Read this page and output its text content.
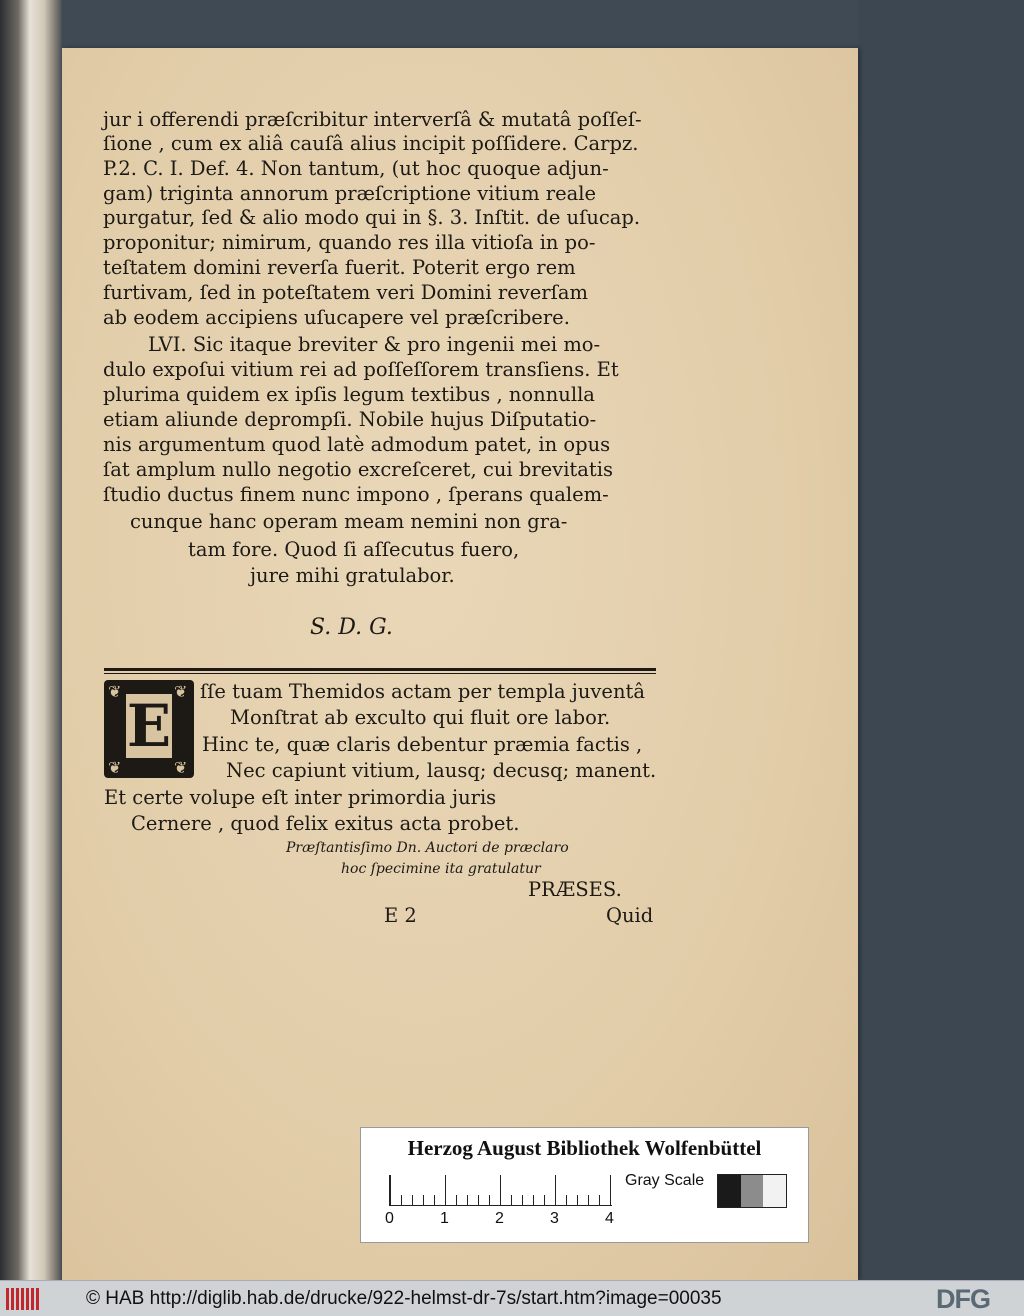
jur i offerendi præſcribitur interverſâ & mutatâ poſſeſ-
ſione , cum ex aliâ cauſâ alius incipit poſſidere. Carpz.
P.2. C. I. Def. 4. Non tantum, (ut hoc quoque adjun-
gam) triginta annorum præſcriptione vitium reale
purgatur, ſed & alio modo qui in §. 3. Inſtit. de uſucap.
proponitur; nimirum, quando res illa vitioſa in po-
teſtatem domini reverſa fuerit. Poterit ergo rem
furtivam, ſed in poteſtatem veri Domini reverſam
ab eodem accipiens uſucapere vel præſcribere.
LVI. Sic itaque breviter & pro ingenii mei mo-
dulo expoſui vitium rei ad poſſeſſorem transſiens. Et
plurima quidem ex ipſis legum textibus , nonnulla
etiam aliunde deprompſi. Nobile hujus Diſputatio-
nis argumentum quod latè admodum patet, in opus
ſat amplum nullo negotio excreſceret, cui brevitatis
ſtudio ductus finem nunc impono , ſperans qualem-
cunque hanc operam meam nemini non gra-
tam fore. Quod ſi aſſecutus fuero,
jure mihi gratulabor.
S. D. G.
❦	❦
❦	❦
E
ſſe tuam Themidos actam per templa juventâ
Monſtrat ab exculto qui fluit ore labor.
Hinc te, quæ claris debentur præmia factis ,
Nec capiunt vitium, lausq; decusq; manent.
Et certe volupe eſt inter primordia juris
Cernere , quod felix exitus acta probet.
Præſtantisſimo Dn. Auctori de præclaro
hoc ſpecimine ita gratulatur
PRÆSES.
E 2	Quid
Herzog August Bibliothek Wolfenbüttel
0	1	2	3	4
Gray Scale
© HAB http://diglib.hab.de/drucke/922-helmst-dr-7s/start.htm?image=00035	DFG
